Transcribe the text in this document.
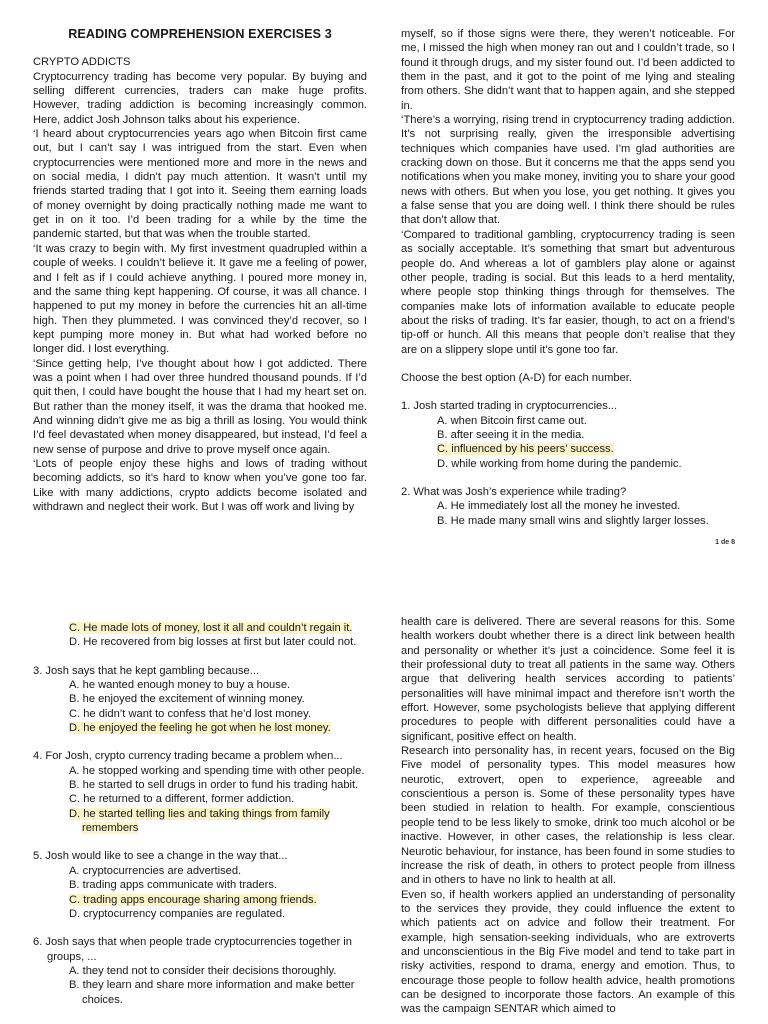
READING COMPREHENSION EXERCISES 3
CRYPTO ADDICTS
Cryptocurrency trading has become very popular. By buying and selling different currencies, traders can make huge profits. However, trading addiction is becoming increasingly common. Here, addict Josh Johnson talks about his experience.
‘I heard about cryptocurrencies years ago when Bitcoin first came out, but I can’t say I was intrigued from the start. Even when cryptocurrencies were mentioned more and more in the news and on social media, I didn’t pay much attention. It wasn’t until my friends started trading that I got into it. Seeing them earning loads of money overnight by doing practically nothing made me want to get in on it too. I’d been trading for a while by the time the pandemic started, but that was when the trouble started.
‘It was crazy to begin with. My first investment quadrupled within a couple of weeks. I couldn’t believe it. It gave me a feeling of power, and I felt as if I could achieve anything. I poured more money in, and the same thing kept happening. Of course, it was all chance. I happened to put my money in before the currencies hit an all-time high. Then they plummeted. I was convinced they’d recover, so I kept pumping more money in. But what had worked before no longer did. I lost everything.
‘Since getting help, I’ve thought about how I got addicted. There was a point when I had over three hundred thousand pounds. If I’d quit then, I could have bought the house that I had my heart set on. But rather than the money itself, it was the drama that hooked me. And winning didn’t give me as big a thrill as losing. You would think I’d feel devastated when money disappeared, but instead, I’d feel a new sense of purpose and drive to prove myself once again.
‘Lots of people enjoy these highs and lows of trading without becoming addicts, so it’s hard to know when you’ve gone too far. Like with many addictions, crypto addicts become isolated and withdrawn and neglect their work. But I was off work and living by
myself, so if those signs were there, they weren’t noticeable. For me, I missed the high when money ran out and I couldn’t trade, so I found it through drugs, and my sister found out. I’d been addicted to them in the past, and it got to the point of me lying and stealing from others. She didn’t want that to happen again, and she stepped in.
‘There’s a worrying, rising trend in cryptocurrency trading addiction. It’s not surprising really, given the irresponsible advertising techniques which companies have used. I’m glad authorities are cracking down on those. But it concerns me that the apps send you notifications when you make money, inviting you to share your good news with others. But when you lose, you get nothing. It gives you a false sense that you are doing well. I think there should be rules that don’t allow that.
‘Compared to traditional gambling, cryptocurrency trading is seen as socially acceptable. It’s something that smart but adventurous people do. And whereas a lot of gamblers play alone or against other people, trading is social. But this leads to a herd mentality, where people stop thinking things through for themselves. The companies make lots of information available to educate people about the risks of trading. It’s far easier, though, to act on a friend’s tip-off or hunch. All this means that people don’t realise that they are on a slippery slope until it’s gone too far.
Choose the best option (A-D) for each number.
1. Josh started trading in cryptocurrencies...
A. when Bitcoin first came out.
B. after seeing it in the media.
C. influenced by his peers’ success.
D. while working from home during the pandemic.
2. What was Josh’s experience while trading?
A. He immediately lost all the money he invested.
B. He made many small wins and slightly larger losses.
1 de 8
C. He made lots of money, lost it all and couldn’t regain it.
D. He recovered from big losses at first but later could not.
3. Josh says that he kept gambling because...
A. he wanted enough money to buy a house.
B. he enjoyed the excitement of winning money.
C. he didn’t want to confess that he’d lost money.
D. he enjoyed the feeling he got when he lost money.
4. For Josh, crypto currency trading became a problem when...
A. he stopped working and spending time with other people.
B. he started to sell drugs in order to fund his trading habit.
C. he returned to a different, former addiction.
D. he started telling lies and taking things from family remembers
5. Josh would like to see a change in the way that...
A. cryptocurrencies are advertised.
B. trading apps communicate with traders.
C. trading apps encourage sharing among friends.
D. cryptocurrency companies are regulated.
6. Josh says that when people trade cryptocurrencies together in groups, ...
A. they tend not to consider their decisions thoroughly.
B. they learn and share more information and make better choices.
health care is delivered. There are several reasons for this. Some health workers doubt whether there is a direct link between health and personality or whether it’s just a coincidence. Some feel it is their professional duty to treat all patients in the same way. Others argue that delivering health services according to patients’ personalities will have minimal impact and therefore isn’t worth the effort. However, some psychologists believe that applying different procedures to people with different personalities could have a significant, positive effect on health.
Research into personality has, in recent years, focused on the Big Five model of personality types. This model measures how neurotic, extrovert, open to experience, agreeable and conscientious a person is. Some of these personality types have been studied in relation to health. For example, conscientious people tend to be less likely to smoke, drink too much alcohol or be inactive. However, in other cases, the relationship is less clear. Neurotic behaviour, for instance, has been found in some studies to increase the risk of death, in others to protect people from illness and in others to have no link to health at all.
Even so, if health workers applied an understanding of personality to the services they provide, they could influence the extent to which patients act on advice and follow their treatment. For example, high sensation-seeking individuals, who are extroverts and unconscientious in the Big Five model and tend to take part in risky activities, respond to drama, energy and emotion. Thus, to encourage those people to follow health advice, health promotions can be designed to incorporate those factors. An example of this was the campaign SENTAR which aimed to
